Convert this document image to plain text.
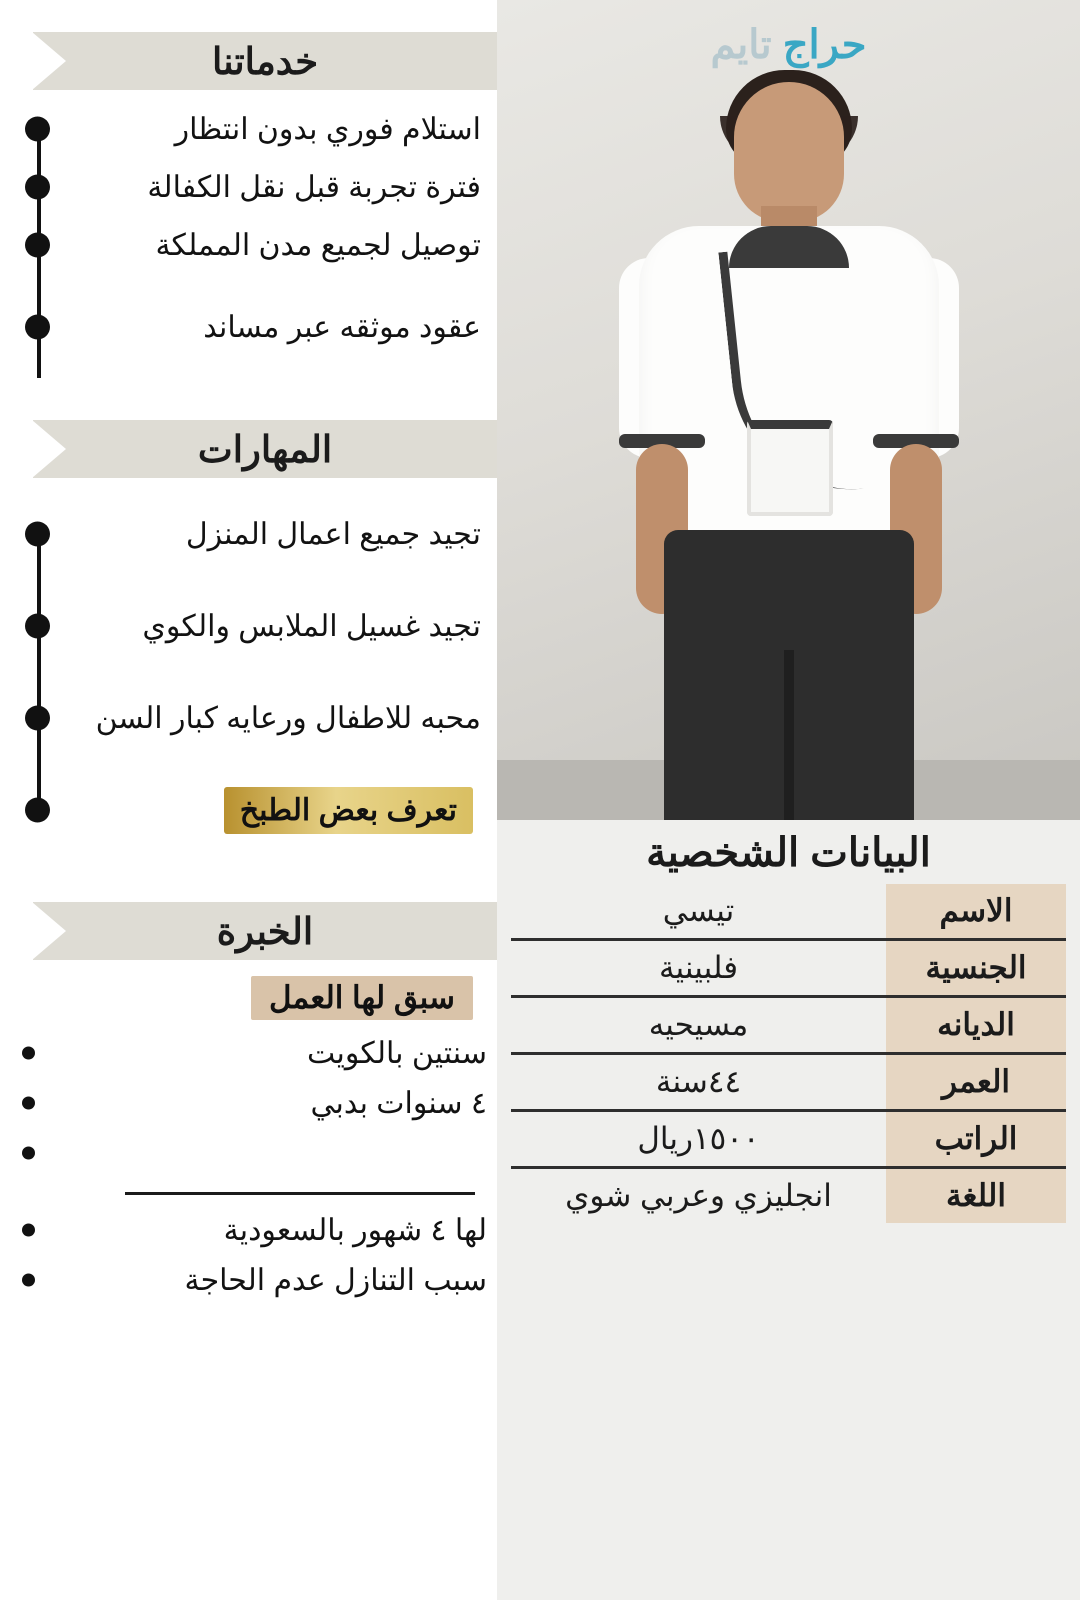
حراج تايم
البيانات الشخصية
الاسم	تيسي
الجنسية	فلبينية
الديانه	مسيحيه
العمر	٤٤سنة
الراتب	١٥٠٠ريال
اللغة	انجليزي وعربي شوي
خدماتنا
استلام فوري بدون انتظار
فترة تجربة قبل نقل الكفالة
توصيل لجميع مدن المملكة
عقود موثقه عبر مساند
المهارات
تجيد جميع اعمال المنزل
تجيد غسيل الملابس والكوي
محبه للاطفال ورعايه كبار السن
تعرف بعض الطبخ
الخبرة
سبق لها العمل
سنتين بالكويت
٤ سنوات بدبي
لها ٤ شهور بالسعودية
سبب التنازل عدم الحاجة
